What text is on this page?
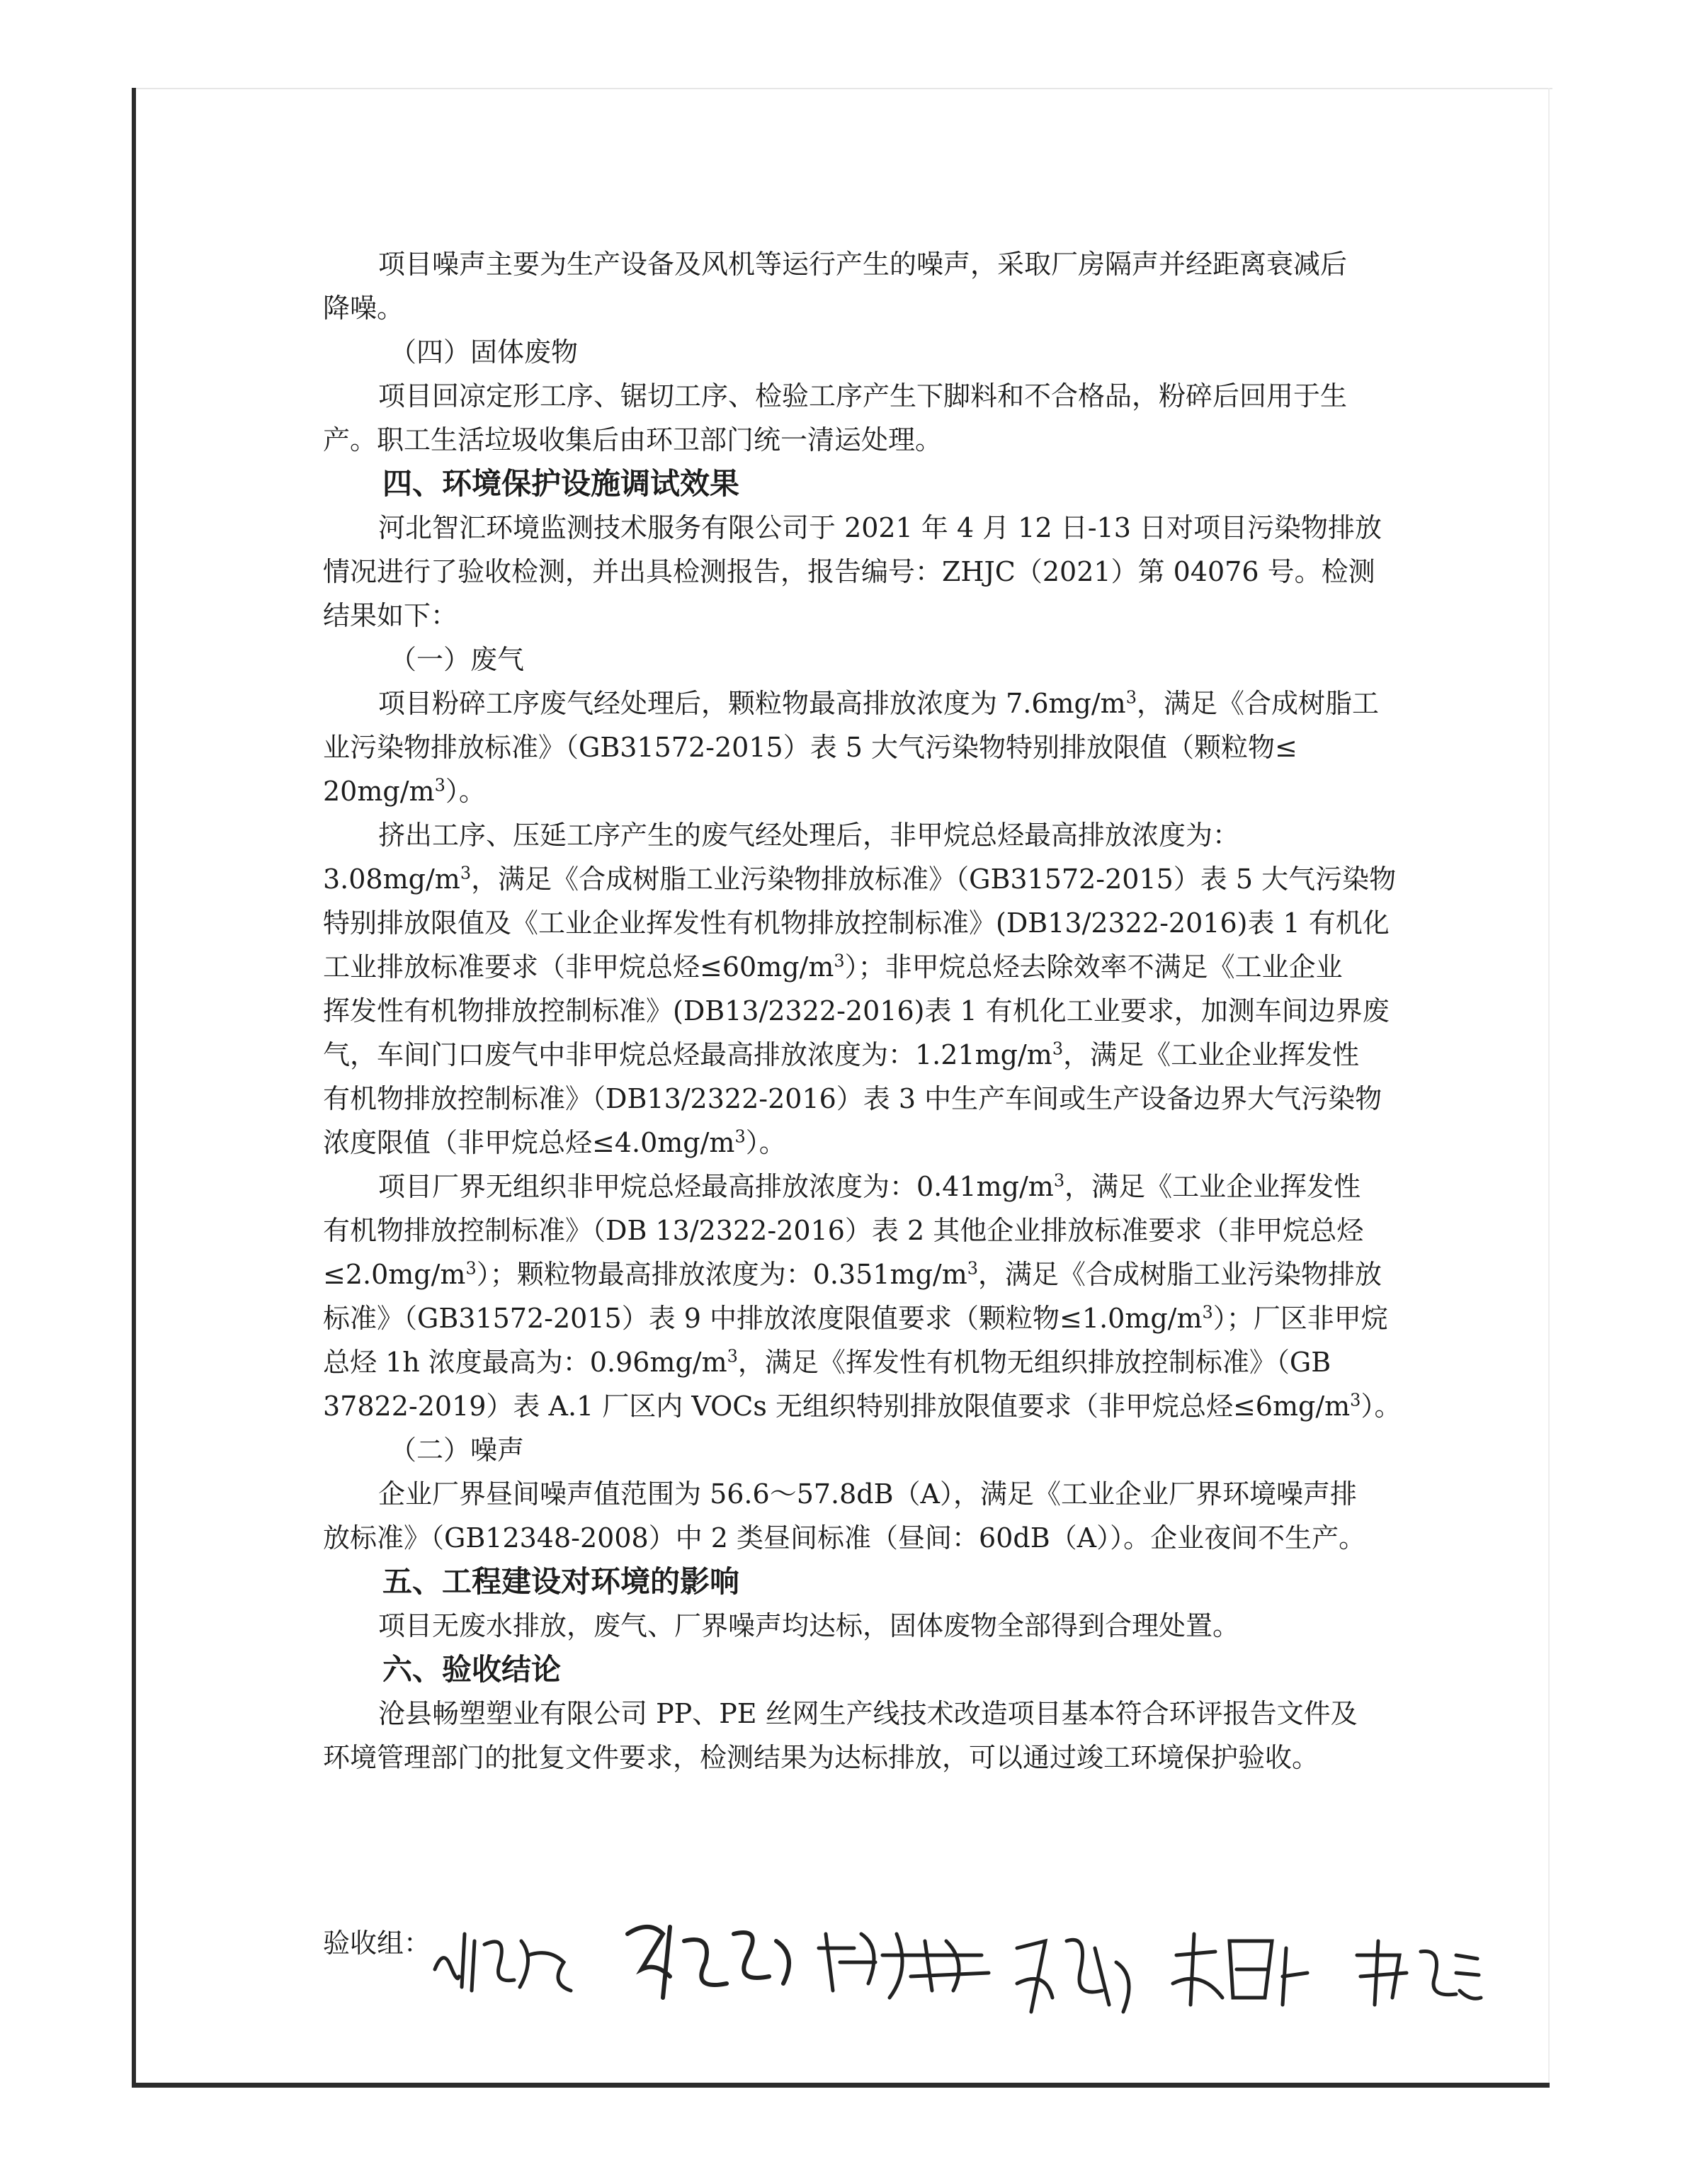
项目噪声主要为生产设备及风机等运行产生的噪声，采取厂房隔声并经距离衰减后

降噪。

（四）固体废物

项目回凉定形工序、锯切工序、检验工序产生下脚料和不合格品，粉碎后回用于生

产。职工生活垃圾收集后由环卫部门统一清运处理。

四、环境保护设施调试效果

河北智汇环境监测技术服务有限公司于 2021 年 4 月 12 日-13 日对项目污染物排放

情况进行了验收检测，并出具检测报告，报告编号：ZHJC（2021）第 04076 号。检测

结果如下：

（一）废气

项目粉碎工序废气经处理后，颗粒物最高排放浓度为 $7.6mg/m^3$，满足《合成树脂工

业污染物排放标准》（GB31572-2015）表 5 大气污染物特别排放限值（颗粒物≤

$20mg/m^3$）。

挤出工序、压延工序产生的废气经处理后，非甲烷总烃最高排放浓度为：

$3.08mg/m^3$，满足《合成树脂工业污染物排放标准》（GB31572-2015）表 5 大气污染物

特别排放限值及《工业企业挥发性有机物排放控制标准》(DB13/2322-2016)表 1 有机化

工业排放标准要求（非甲烷总烃$\le 60mg/m^3$）；非甲烷总烃去除效率不满足《工业企业

挥发性有机物排放控制标准》(DB13/2322-2016)表 1 有机化工业要求，加测车间边界废

气，车间门口废气中非甲烷总烃最高排放浓度为：$1.21mg/m^3$，满足《工业企业挥发性

有机物排放控制标准》（DB13/2322-2016）表 3 中生产车间或生产设备边界大气污染物

浓度限值（非甲烷总烃$\le 4.0mg/m^3$）。

项目厂界无组织非甲烷总烃最高排放浓度为：$0.41mg/m^3$，满足《工业企业挥发性

有机物排放控制标准》（DB 13/2322-2016）表 2 其他企业排放标准要求（非甲烷总烃

$\le 2.0mg/m^3$）；颗粒物最高排放浓度为：$0.351mg/m^3$，满足《合成树脂工业污染物排放

标准》（GB31572-2015）表 9 中排放浓度限值要求（颗粒物$\le 1.0mg/m^3$）；厂区非甲烷

总烃 1h 浓度最高为：$0.96mg/m^3$，满足《挥发性有机物无组织排放控制标准》（GB

37822-2019）表 A.1 厂区内 VOCs 无组织特别排放限值要求（非甲烷总烃$\le 6mg/m^3$）。

（二）噪声

企业厂界昼间噪声值范围为 56.6～57.8dB（A），满足《工业企业厂界环境噪声排

放标准》（GB12348-2008）中 2 类昼间标准（昼间：60dB（A））。企业夜间不生产。

五、工程建设对环境的影响

项目无废水排放，废气、厂界噪声均达标，固体废物全部得到合理处置。

六、验收结论

沧县畅塑塑业有限公司 PP、PE 丝网生产线技术改造项目基本符合环评报告文件及

环境管理部门的批复文件要求，检测结果为达标排放，可以通过竣工环境保护验收。

验收组：
